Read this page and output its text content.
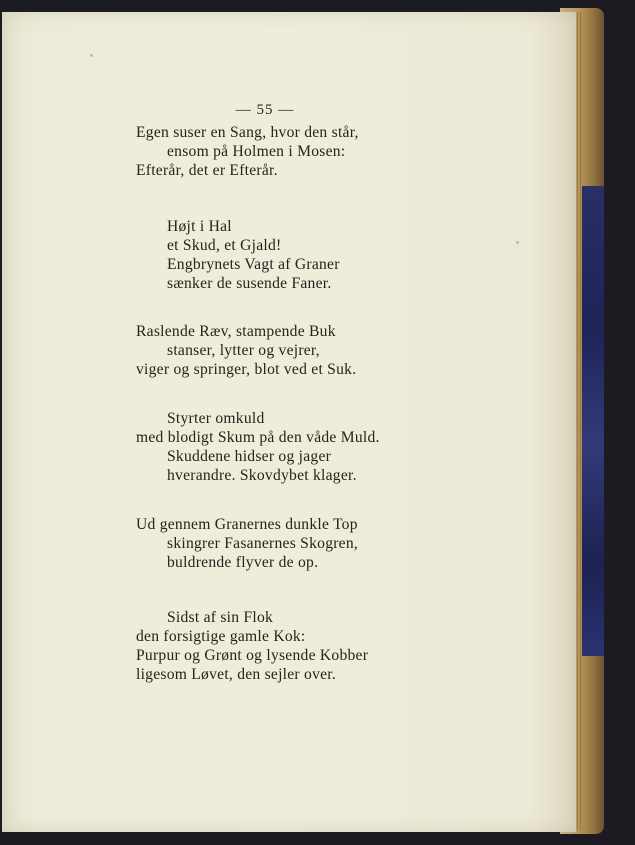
— 55 —
Egen suser en Sang, hvor den står,
ensom på Holmen i Mosen:
Efterår, det er Efterår.
Højt i Hal
et Skud, et Gjald!
Engbrynets Vagt af Graner
sænker de susende Faner.
Raslende Ræv, stampende Buk
stanser, lytter og vejrer,
viger og springer, blot ved et Suk.
Styrter omkuld
med blodigt Skum på den våde Muld.
Skuddene hidser og jager
hverandre. Skovdybet klager.
Ud gennem Granernes dunkle Top
skingrer Fasanernes Skogren,
buldrende flyver de op.
Sidst af sin Flok
den forsigtige gamle Kok:
Purpur og Grønt og lysende Kobber
ligesom Løvet, den sejler over.
